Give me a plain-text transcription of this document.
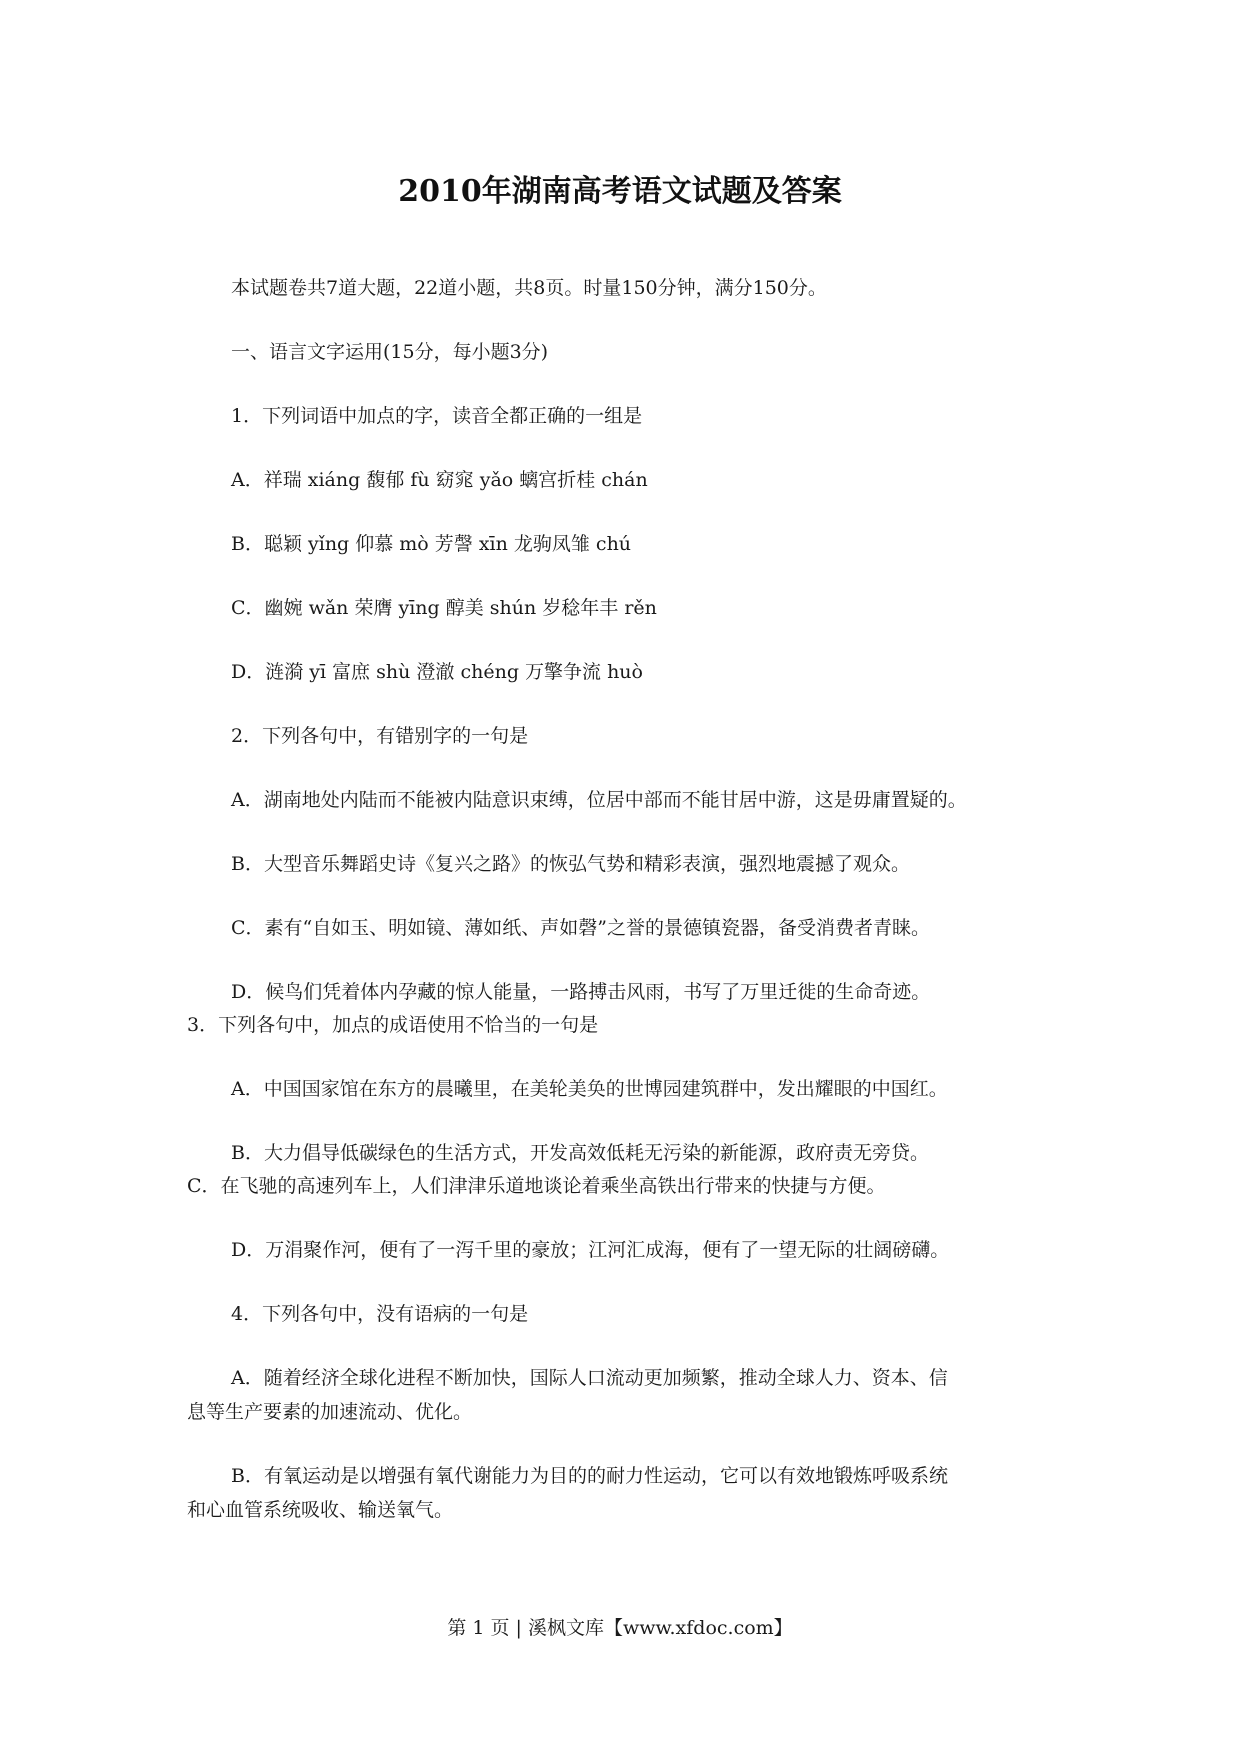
2010年湖南高考语文试题及答案

本试题卷共7道大题，22道小题，共8页。时量150分钟，满分150分。

一、语言文字运用(15分，每小题3分)

1．下列词语中加点的字，读音全都正确的一组是

A．祥瑞 xiáng 馥郁 fù 窈窕 yǎo 螭宫折桂 chán

B．聪颖 yǐng 仰慕 mò 芳謦 xīn 龙驹凤雏 chú

C．幽婉 wǎn 荣膺 yīng 醇美 shún 岁稔年丰 rěn

D．涟漪 yī 富庶 shù 澄澈 chéng 万擎争流 huò

2．下列各句中，有错别字的一句是

A．湖南地处内陆而不能被内陆意识束缚，位居中部而不能甘居中游，这是毋庸置疑的。

B．大型音乐舞蹈史诗《复兴之路》的恢弘气势和精彩表演，强烈地震撼了观众。

C．素有“自如玉、明如镜、薄如纸、声如磬”之誉的景德镇瓷器，备受消费者青睐。

D．候鸟们凭着体内孕藏的惊人能量，一路搏击风雨，书写了万里迁徙的生命奇迹。

3．下列各句中，加点的成语使用不恰当的一句是

A．中国国家馆在东方的晨曦里，在美轮美奂的世博园建筑群中，发出耀眼的中国红。

B．大力倡导低碳绿色的生活方式，开发高效低耗无污染的新能源，政府责无旁贷。

C．在飞驰的高速列车上，人们津津乐道地谈论着乘坐高铁出行带来的快捷与方便。

D．万涓聚作河，便有了一泻千里的豪放；江河汇成海，便有了一望无际的壮阔磅礴。

4．下列各句中，没有语病的一句是

A．随着经济全球化进程不断加快，国际人口流动更加频繁，推动全球人力、资本、信

息等生产要素的加速流动、优化。

B．有氧运动是以增强有氧代谢能力为目的的耐力性运动，它可以有效地锻炼呼吸系统

和心血管系统吸收、输送氧气。

第 1 页 | 溪枫文库【www.xfdoc.com】
